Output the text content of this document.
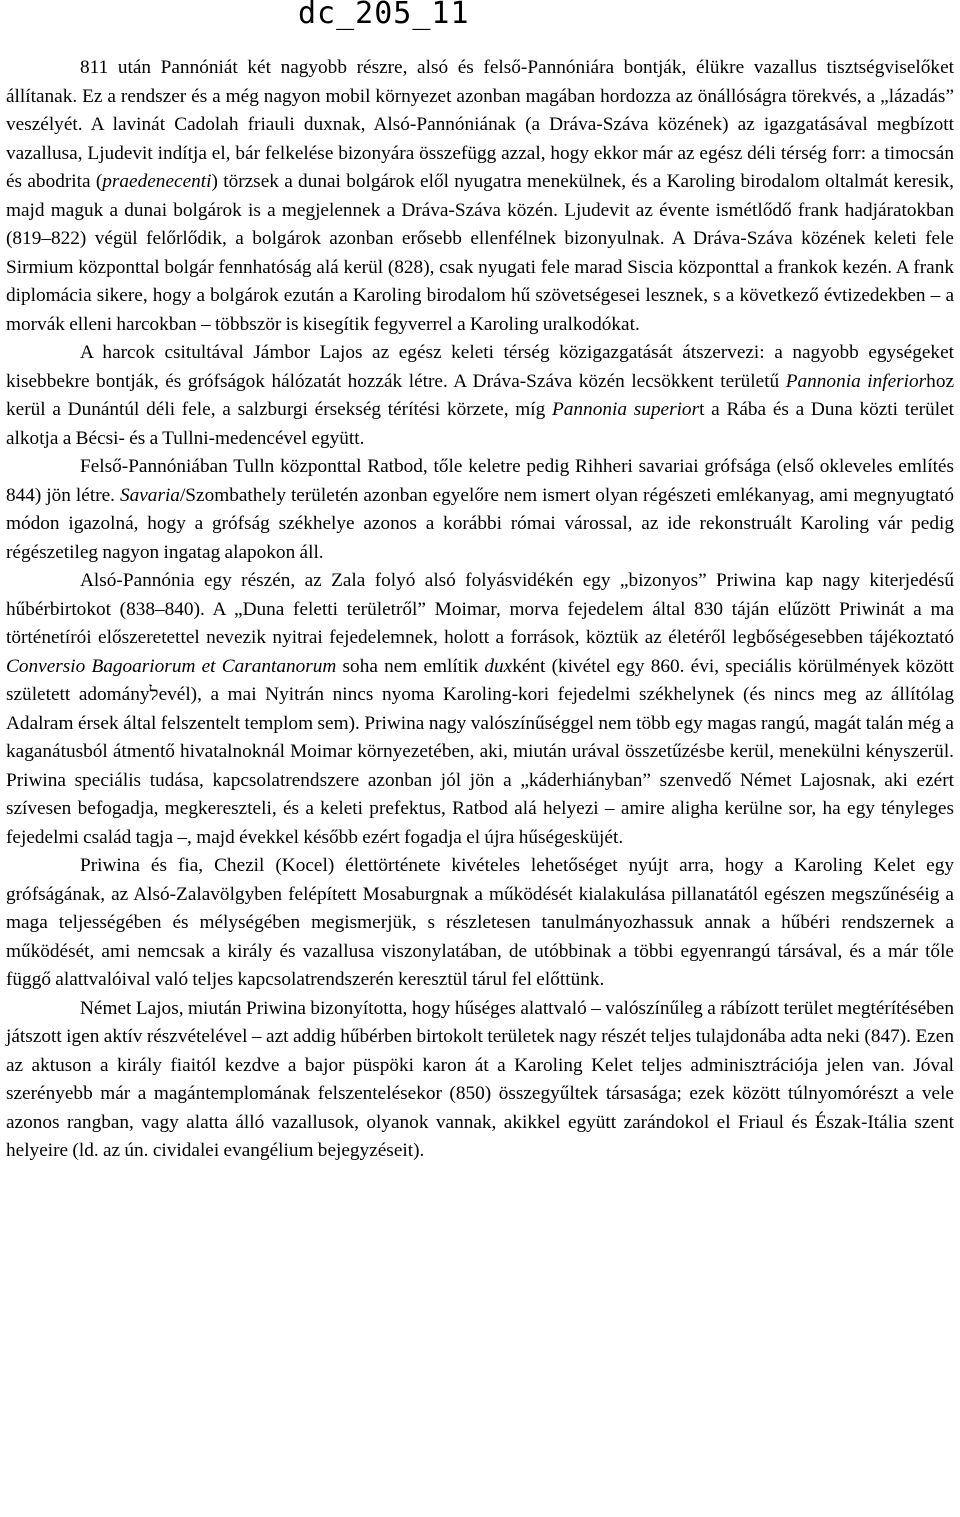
dc_205_11

811 után Pannóniát két nagyobb részre, alsó és felső-Pannóniára bontják, élükre vazallus tisztségviselőket állítanak. Ez a rendszer és a még nagyon mobil környezet azonban magában hordozza az önállóságra törekvés, a „lázadás” veszélyét. A lavinát Cadolah friauli duxnak, Alsó-Pannóniának (a Dráva-Száva közének) az igazgatásával megbízott vazallusa, Ljudevit indítja el, bár felkelése bizonyára összefügg azzal, hogy ekkor már az egész déli térség forr: a timocsán és abodrita (praedenecenti) törzsek a dunai bolgárok elől nyugatra menekülnek, és a Karoling birodalom oltalmát keresik, majd maguk a dunai bolgárok is a megjelennek a Dráva-Száva közén. Ljudevit az évente ismétlődő frank hadjáratokban (819–822) végül felőrlődik, a bolgárok azonban erősebb ellenfélnek bizonyulnak. A Dráva-Száva közének keleti fele Sirmium központtal bolgár fennhatóság alá kerül (828), csak nyugati fele marad Siscia központtal a frankok kezén. A frank diplomácia sikere, hogy a bolgárok ezután a Karoling birodalom hű szövetségesei lesznek, s a következő évtizedekben – a morvák elleni harcokban – többször is kisegítik fegyverrel a Karoling uralkodókat.

A harcok csitultával Jámbor Lajos az egész keleti térség közigazgatását átszervezi: a nagyobb egységeket kisebbekre bontják, és grófságok hálózatát hozzák létre. A Dráva-Száva közén lecsökkent területű Pannonia inferiorhoz kerül a Dunántúl déli fele, a salzburgi érsekség térítési körzete, míg Pannonia superiort a Rába és a Duna közti terület alkotja a Bécsi- és a Tullni-medencével együtt.

Felső-Pannóniában Tulln központtal Ratbod, tőle keletre pedig Rihheri savariai grófsága (első okleveles említés 844) jön létre. Savaria/Szombathely területén azonban egyelőre nem ismert olyan régészeti emlékanyag, ami megnyugtató módon igazolná, hogy a grófság székhelye azonos a korábbi római várossal, az ide rekonstruált Karoling vár pedig régészetileg nagyon ingatag alapokon áll.

Alsó-Pannónia egy részén, az Zala folyó alsó folyásvidékén egy „bizonyos” Priwina kap nagy kiterjedésű hűbérbirtokot (838–840). A „Duna feletti területről” Moimar, morva fejedelem által 830 táján elűzött Priwinát a ma történetírói előszeretettel nevezik nyitrai fejedelemnek, holott a források, köztük az életéről legbőségesebben tájékoztató Conversio Bagoariorum et Carantanorum soha nem említik duxként (kivétel egy 860. évi, speciális körülmények között született adományלevél), a mai Nyitrán nincs nyoma Karoling-kori fejedelmi székhelynek (és nincs meg az állítólag Adalram érsek által felszentelt templom sem). Priwina nagy valószínűséggel nem több egy magas rangú, magát talán még a kaganátusból átmentő hivatalnoknál Moimar környezetében, aki, miután urával összetűzésbe kerül, menekülni kényszerül. Priwina speciális tudása, kapcsolatrendszere azonban jól jön a „káderhiányban” szenvedő Német Lajosnak, aki ezért szívesen befogadja, megkereszteli, és a keleti prefektus, Ratbod alá helyezi – amire aligha kerülne sor, ha egy tényleges fejedelmi család tagja –, majd évekkel később ezért fogadja el újra hűségesküjét.

Priwina és fia, Chezil (Kocel) élettörténete kivételes lehetőséget nyújt arra, hogy a Karoling Kelet egy grófságának, az Alsó-Zalavölgyben felépített Mosaburgnak a működését kialakulása pillanatától egészen megszűnéséig a maga teljességében és mélységében megismerjük, s részletesen tanulmányozhassuk annak a hűbéri rendszernek a működését, ami nemcsak a király és vazallusa viszonylatában, de utóbbinak a többi egyenrangú társával, és a már tőle függő alattvalóival való teljes kapcsolatrendszerén keresztül tárul fel előttünk.

Német Lajos, miután Priwina bizonyította, hogy hűséges alattvaló – valószínűleg a rábízott terület megtérítésében játszott igen aktív részvételével – azt addig hűbérben birtokolt területek nagy részét teljes tulajdonába adta neki (847). Ezen az aktuson a király fiaitól kezdve a bajor püspöki karon át a Karoling Kelet teljes adminisztrációja jelen van. Jóval szerényebb már a magántemplomának felszentelésekor (850) összegyűltek társasága; ezek között túlnyomórészt a vele azonos rangban, vagy alatta álló vazallusok, olyanok vannak, akikkel együtt zarándokol el Friaul és Észak-Itália szent helyeire (ld. az ún. cividalei evangélium bejegyzéseit).
